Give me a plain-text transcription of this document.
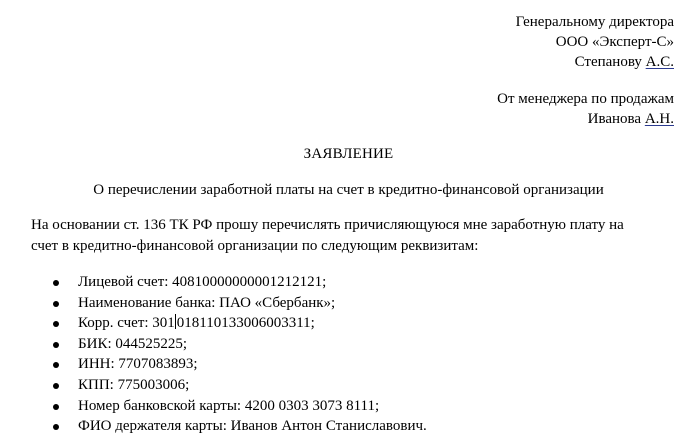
Генеральному директора
ООО «Эксперт-С»
Степанову А.С.
От менеджера по продажам
Иванова А.Н.
ЗАЯВЛЕНИЕ
О перечислении заработной платы на счет в кредитно-финансовой организации

На основании ст. 136 ТК РФ прошу перечислять причисляющуюся мне заработную плату на

счет в кредитно-финансовой организации по следующим реквизитам:

Лицевой счет: 40810000000001212121;
Наименование банка: ПАО «Сбербанк»;
Корр. счет: 301 01811013300600331​1;
БИК: 044525225;
ИНН: 7707083893;
КПП: 775003006;
Номер банковской карты: 4200 0303 3073 8111;
ФИО держателя карты: Иванов Антон Станиславович.
